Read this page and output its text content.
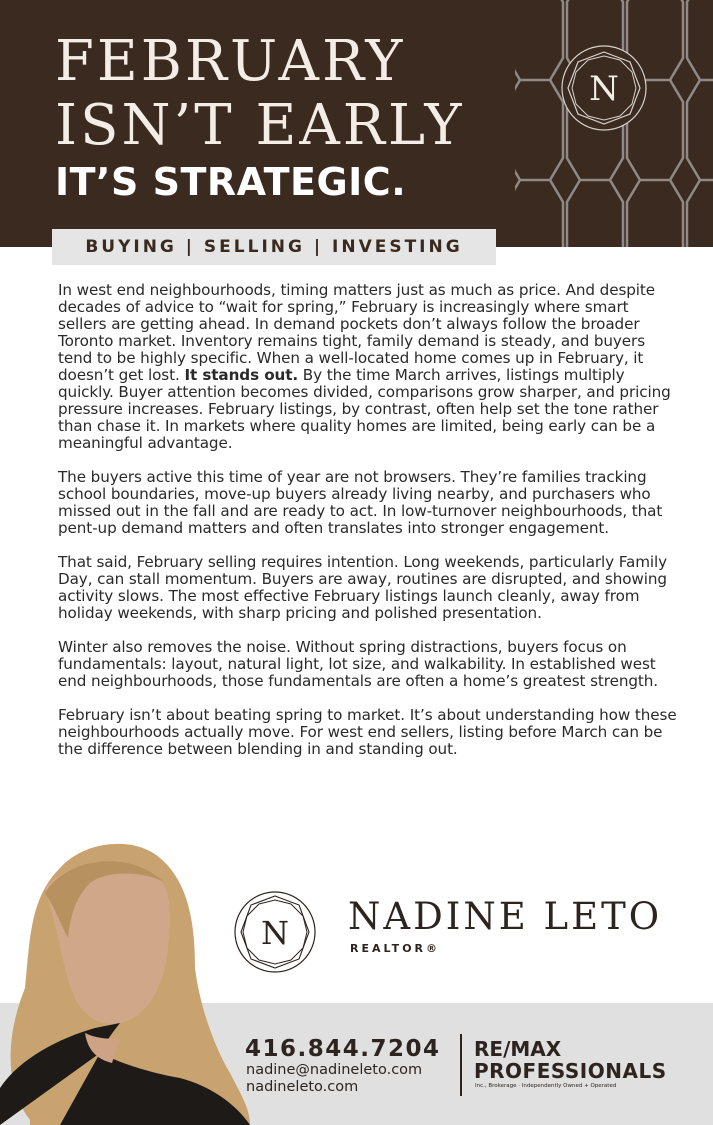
FEBRUARY
ISN’T EARLY
IT’S STRATEGIC.
N
BUYING | SELLING | INVESTING

In west end neighbourhoods, timing matters just as much as price. And despite decades of advice to “wait for spring,” February is increasingly where smart sellers are getting ahead. In demand pockets don’t always follow the broader Toronto market. Inventory remains tight, family demand is steady, and buyers tend to be highly specific. When a well-located home comes up in February, it doesn’t get lost. It stands out. By the time March arrives, listings multiply quickly. Buyer attention becomes divided, comparisons grow sharper, and pricing pressure increases. February listings, by contrast, often help set the tone rather than chase it. In markets where quality homes are limited, being early can be a meaningful advantage.

The buyers active this time of year are not browsers. They’re families tracking school boundaries, move-up buyers already living nearby, and purchasers who missed out in the fall and are ready to act. In low-turnover neighbourhoods, that pent-up demand matters and often translates into stronger engagement.

That said, February selling requires intention. Long weekends, particularly Family Day, can stall momentum. Buyers are away, routines are disrupted, and showing activity slows. The most effective February listings launch cleanly, away from holiday weekends, with sharp pricing and polished presentation.

Winter also removes the noise. Without spring distractions, buyers focus on fundamentals: layout, natural light, lot size, and walkability. In established west end neighbourhoods, those fundamentals are often a home’s greatest strength.

February isn’t about beating spring to market. It’s about understanding how these neighbourhoods actually move. For west end sellers, listing before March can be the difference between blending in and standing out.

N NADINE LETO
REALTOR®
416.844.7204
nadine@nadineleto.com
nadineleto.com
RE/MAX
PROFESSIONALS
Inc., Brokerage · Independently Owned + Operated
